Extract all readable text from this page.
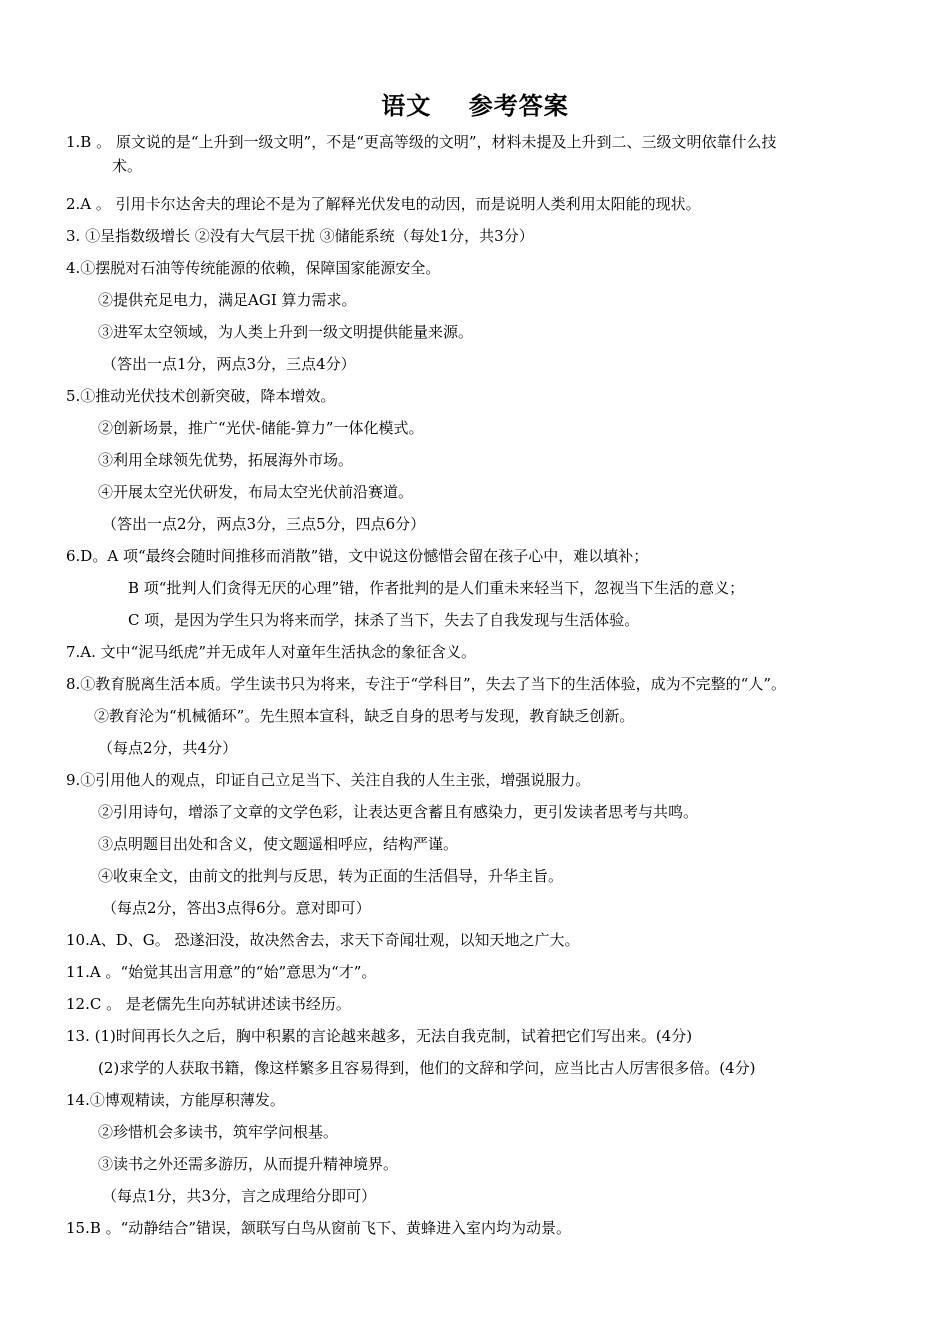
语文    参考答案
1.B 。 原文说的是“上升到一级文明”，不是“更高等级的文明”，材料未提及上升到二、三级文明依靠什么技
术。
2.A 。 引用卡尔达舍夫的理论不是为了解释光伏发电的动因，而是说明人类利用太阳能的现状。
3. ①呈指数级增长 ②没有大气层干扰 ③储能系统（每处1分，共3分）
4.①摆脱对石油等传统能源的依赖，保障国家能源安全。
②提供充足电力，满足AGI 算力需求。
③进军太空领域，为人类上升到一级文明提供能量来源。
（答出一点1分，两点3分，三点4分）
5.①推动光伏技术创新突破，降本增效。
②创新场景，推广“光伏-储能-算力”一体化模式。
③利用全球领先优势，拓展海外市场。
④开展太空光伏研发，布局太空光伏前沿赛道。
（答出一点2分，两点3分，三点5分，四点6分）
6.D。A 项“最终会随时间推移而消散”错，文中说这份憾惜会留在孩子心中，难以填补；
B 项“批判人们贪得无厌的心理”错，作者批判的是人们重未来轻当下，忽视当下生活的意义；
C 项，是因为学生只为将来而学，抹杀了当下，失去了自我发现与生活体验。
7.A. 文中“泥马纸虎”并无成年人对童年生活执念的象征含义。
8.①教育脱离生活本质。学生读书只为将来，专注于“学科目”，失去了当下的生活体验，成为不完整的“人”。
②教育沦为“机械循环”。先生照本宣科，缺乏自身的思考与发现，教育缺乏创新。
（每点2分，共4分）
9.①引用他人的观点，印证自己立足当下、关注自我的人生主张，增强说服力。
②引用诗句，增添了文章的文学色彩，让表达更含蓄且有感染力，更引发读者思考与共鸣。
③点明题目出处和含义，使文题遥相呼应，结构严谨。
④收束全文，由前文的批判与反思，转为正面的生活倡导，升华主旨。
（每点2分，答出3点得6分。意对即可）
10.A、D、G。 恐遂汩没，故决然舍去，求天下奇闻壮观，以知天地之广大。
11.A 。“始觉其出言用意”的“始”意思为“才”。
12.C 。 是老儒先生向苏轼讲述读书经历。
13. (1)时间再长久之后，胸中积累的言论越来越多，无法自我克制，试着把它们写出来。(4分)
(2)求学的人获取书籍，像这样繁多且容易得到，他们的文辞和学问，应当比古人厉害很多倍。(4分)
14.①博观精读，方能厚积薄发。
②珍惜机会多读书，筑牢学问根基。
③读书之外还需多游历，从而提升精神境界。
（每点1分，共3分，言之成理给分即可）
15.B 。“动静结合”错误，颔联写白鸟从窗前飞下、黄蜂进入室内均为动景。
